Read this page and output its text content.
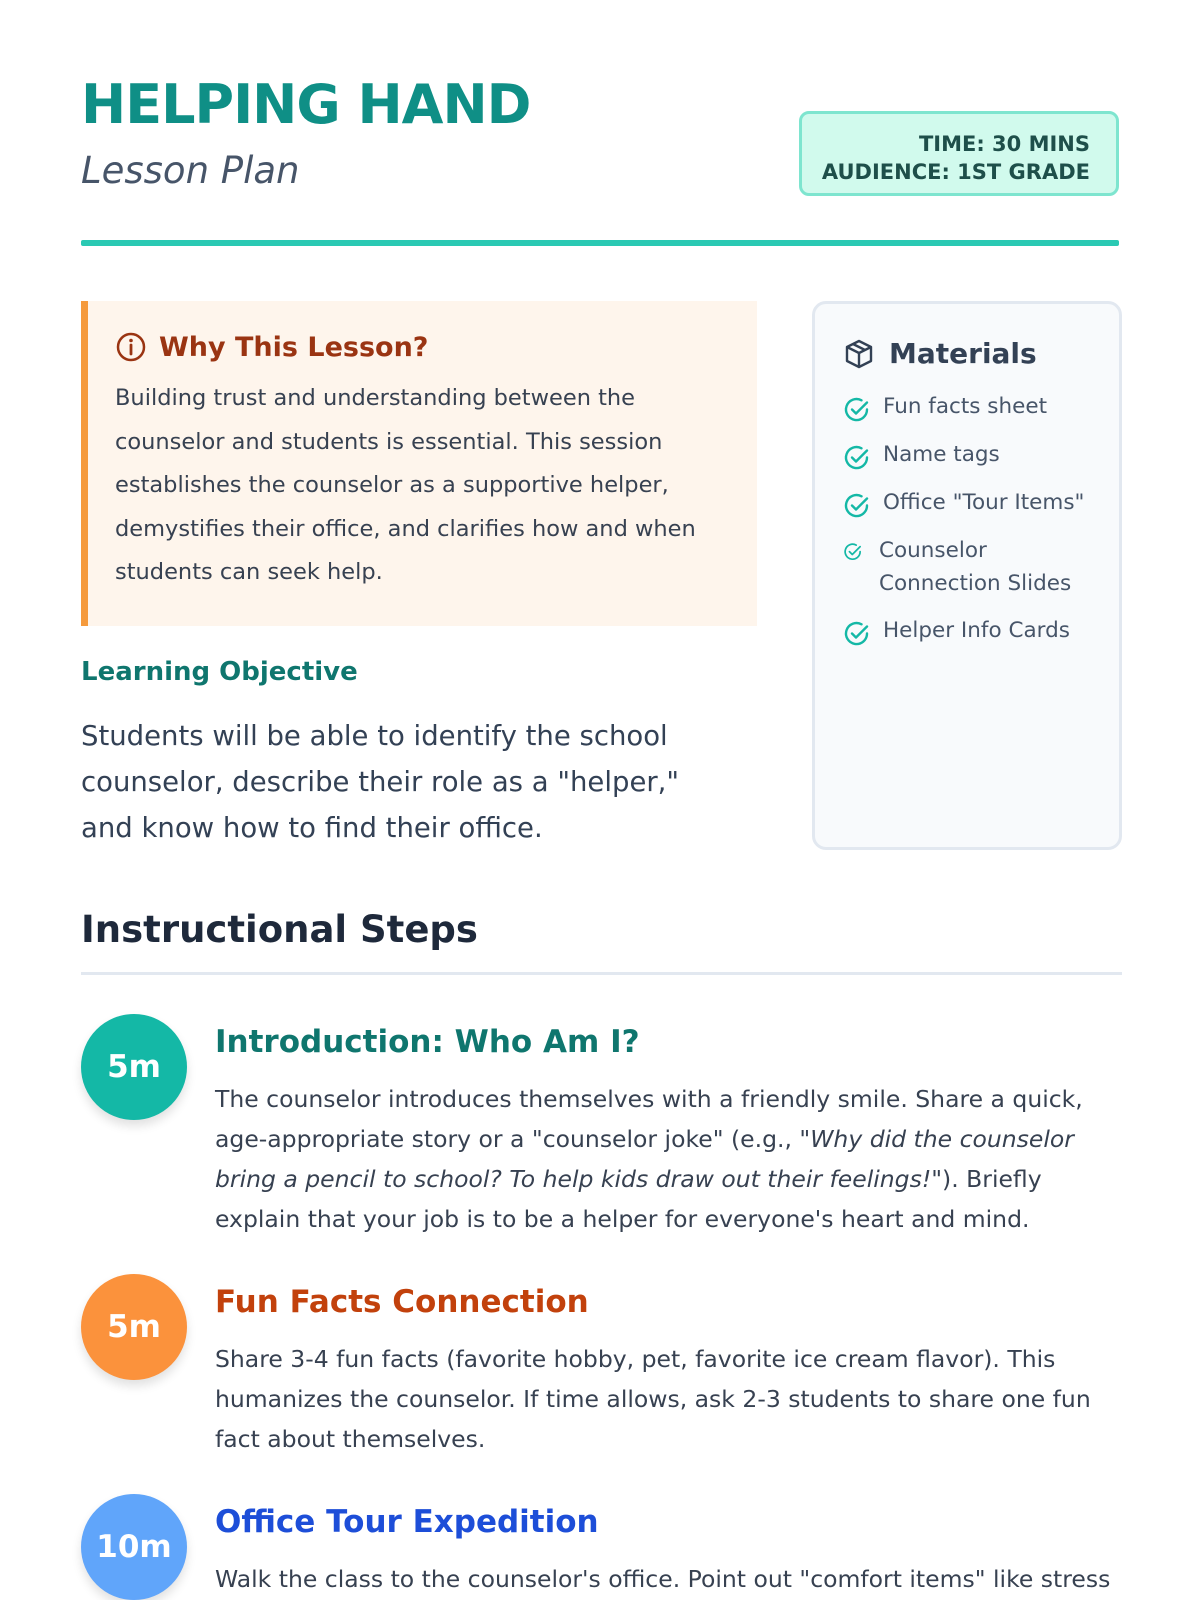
HELPING HAND
Lesson Plan
TIME: 30 MINS
AUDIENCE: 1ST GRADE
Why This Lesson?
Building trust and understanding between the counselor and students is essential. This session establishes the counselor as a supportive helper, demystifies their office, and clarifies how and when students can seek help.
Learning Objective
Students will be able to identify the school counselor, describe their role as a "helper," and know how to find their office.
Materials
Fun facts sheet
Name tags
Office "Tour Items"
Counselor Connection Slides
Helper Info Cards
Instructional Steps
5m
Introduction: Who Am I?
The counselor introduces themselves with a friendly smile. Share a quick, age-appropriate story or a "counselor joke" (e.g., "Why did the counselor bring a pencil to school? To help kids draw out their feelings!"). Briefly explain that your job is to be a helper for everyone's heart and mind.
5m
Fun Facts Connection
Share 3-4 fun facts (favorite hobby, pet, favorite ice cream flavor). This humanizes the counselor. If time allows, ask 2-3 students to share one fun fact about themselves.
10m
Office Tour Expedition
Walk the class to the counselor's office. Point out "comfort items" like stress
